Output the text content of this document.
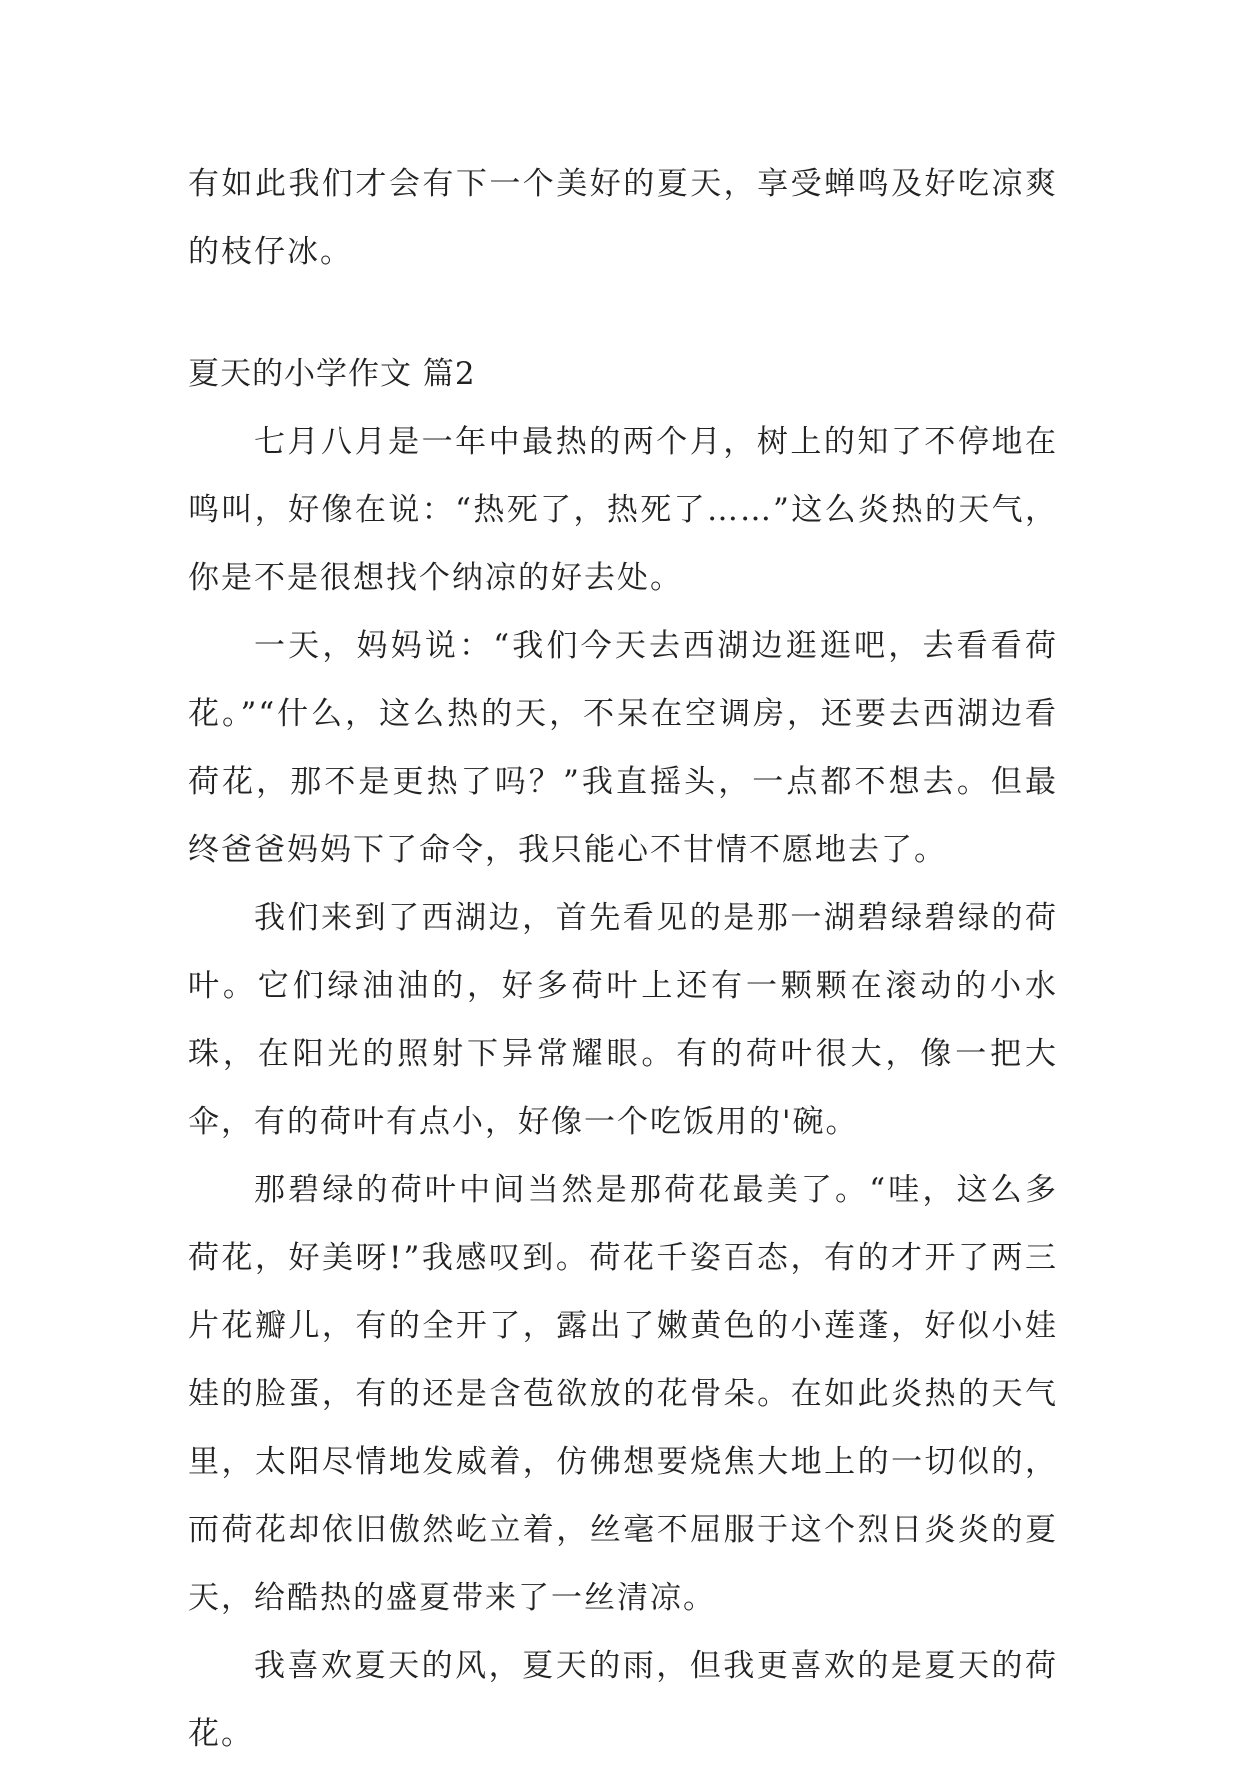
有如此我们才会有下一个美好的夏天，享受蝉鸣及好吃凉爽的枝仔冰。

夏天的小学作文 篇2

七月八月是一年中最热的两个月，树上的知了不停地在鸣叫，好像在说：“热死了，热死了……”这么炎热的天气，你是不是很想找个纳凉的好去处。

一天，妈妈说：“我们今天去西湖边逛逛吧，去看看荷花。”“什么，这么热的天，不呆在空调房，还要去西湖边看荷花，那不是更热了吗？”我直摇头，一点都不想去。但最终爸爸妈妈下了命令，我只能心不甘情不愿地去了。

我们来到了西湖边，首先看见的是那一湖碧绿碧绿的荷叶。它们绿油油的，好多荷叶上还有一颗颗在滚动的小水珠，在阳光的照射下异常耀眼。有的荷叶很大，像一把大伞，有的荷叶有点小，好像一个吃饭用的'碗。

那碧绿的荷叶中间当然是那荷花最美了。“哇，这么多荷花，好美呀!”我感叹到。荷花千姿百态，有的才开了两三片花瓣儿，有的全开了，露出了嫩黄色的小莲蓬，好似小娃娃的脸蛋，有的还是含苞欲放的花骨朵。在如此炎热的天气里，太阳尽情地发威着，仿佛想要烧焦大地上的一切似的，而荷花却依旧傲然屹立着，丝毫不屈服于这个烈日炎炎的夏天，给酷热的盛夏带来了一丝清凉。

我喜欢夏天的风，夏天的雨，但我更喜欢的是夏天的荷花。
